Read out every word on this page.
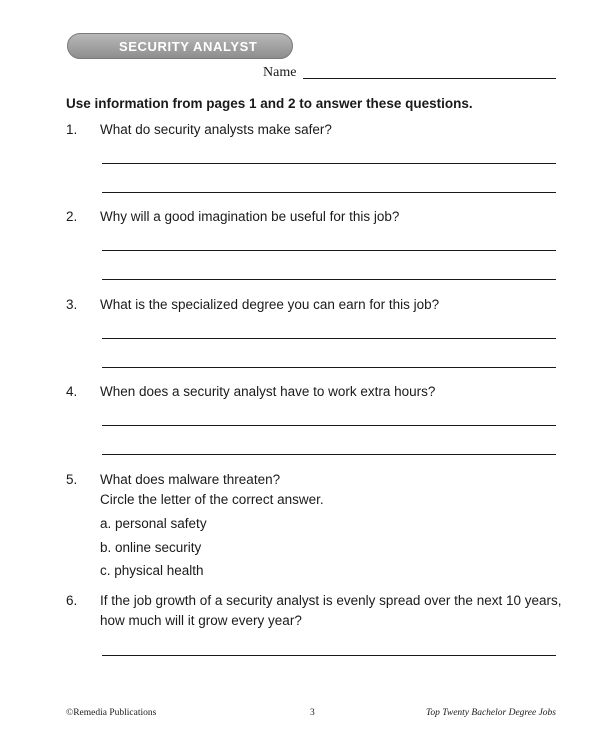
SECURITY ANALYST
Name
Use information from pages 1 and 2 to answer these questions.
1. What do security analysts make safer?
2. Why will a good imagination be useful for this job?
3. What is the specialized degree you can earn for this job?
4. When does a security analyst have to work extra hours?
5. What does malware threaten?
Circle the letter of the correct answer.
a. personal safety
b. online security
c. physical health
6. If the job growth of a security analyst is evenly spread over the next 10 years,
how much will it grow every year?
©Remedia Publications	3	Top Twenty Bachelor Degree Jobs
